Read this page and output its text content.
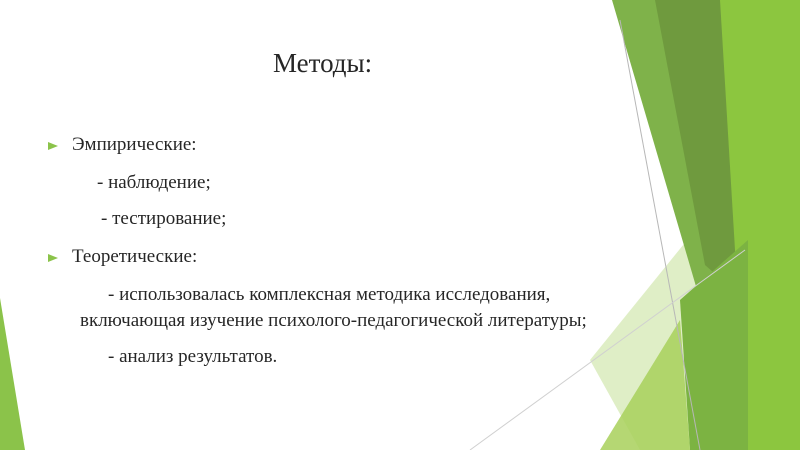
Методы:
Эмпирические:
- наблюдение;
- тестирование;
Теоретические:
- использовалась комплексная методика исследования,
включающая изучение психолого-педагогической литературы;
- анализ результатов.
